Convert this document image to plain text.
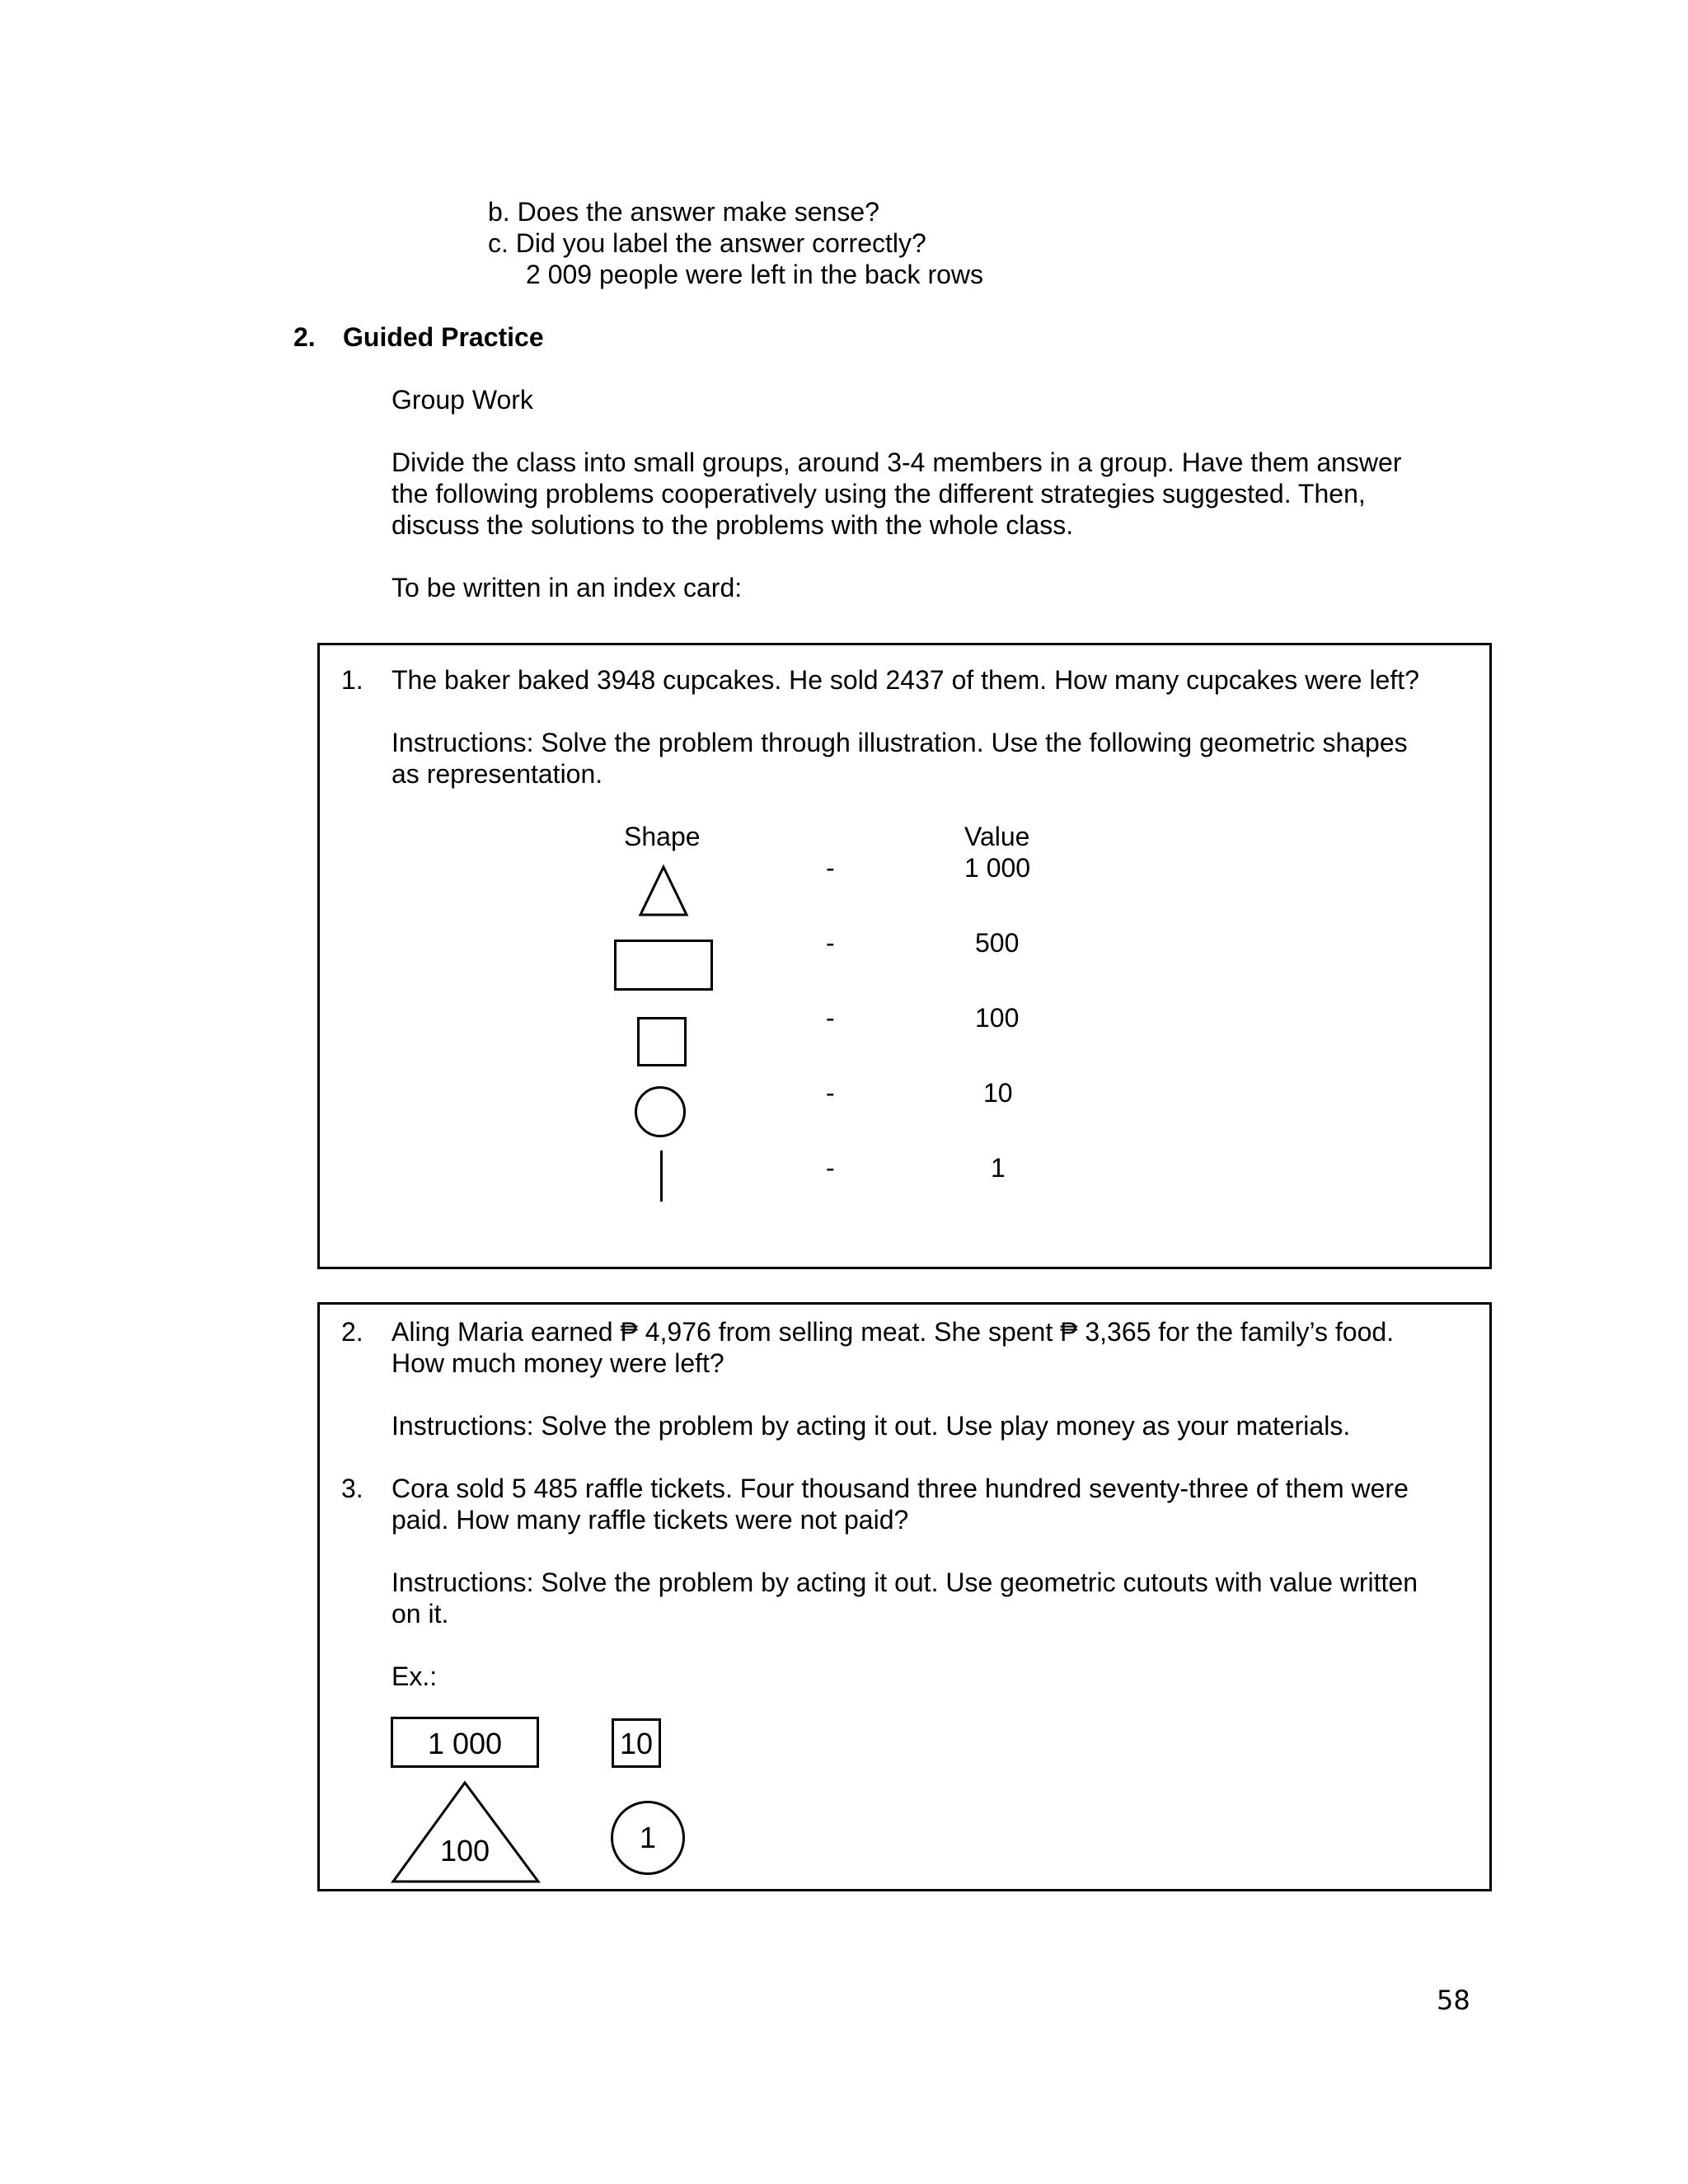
b. Does the answer make sense?
c. Did you label the answer correctly?
2 009 people were left in the back rows
2. Guided Practice
Group Work
Divide the class into small groups, around 3-4 members in a group. Have them answer
the following problems cooperatively using the different strategies suggested. Then,
discuss the solutions to the problems with the whole class.
To be written in an index card:
1. The baker baked 3948 cupcakes. He sold 2437 of them. How many cupcakes were left?
Instructions: Solve the problem through illustration. Use the following geometric shapes
as representation.
Shape	Value
-	1 000
-	500
-	100
-	10
-	1
2. Aling Maria earned ₱ 4,976 from selling meat. She spent ₱ 3,365 for the family’s food.
How much money were left?
Instructions: Solve the problem by acting it out. Use play money as your materials.
3. Cora sold 5 485 raffle tickets. Four thousand three hundred seventy-three of them were
paid. How many raffle tickets were not paid?
Instructions: Solve the problem by acting it out. Use geometric cutouts with value written
on it.
Ex.:
1 000	10
100	1
58
